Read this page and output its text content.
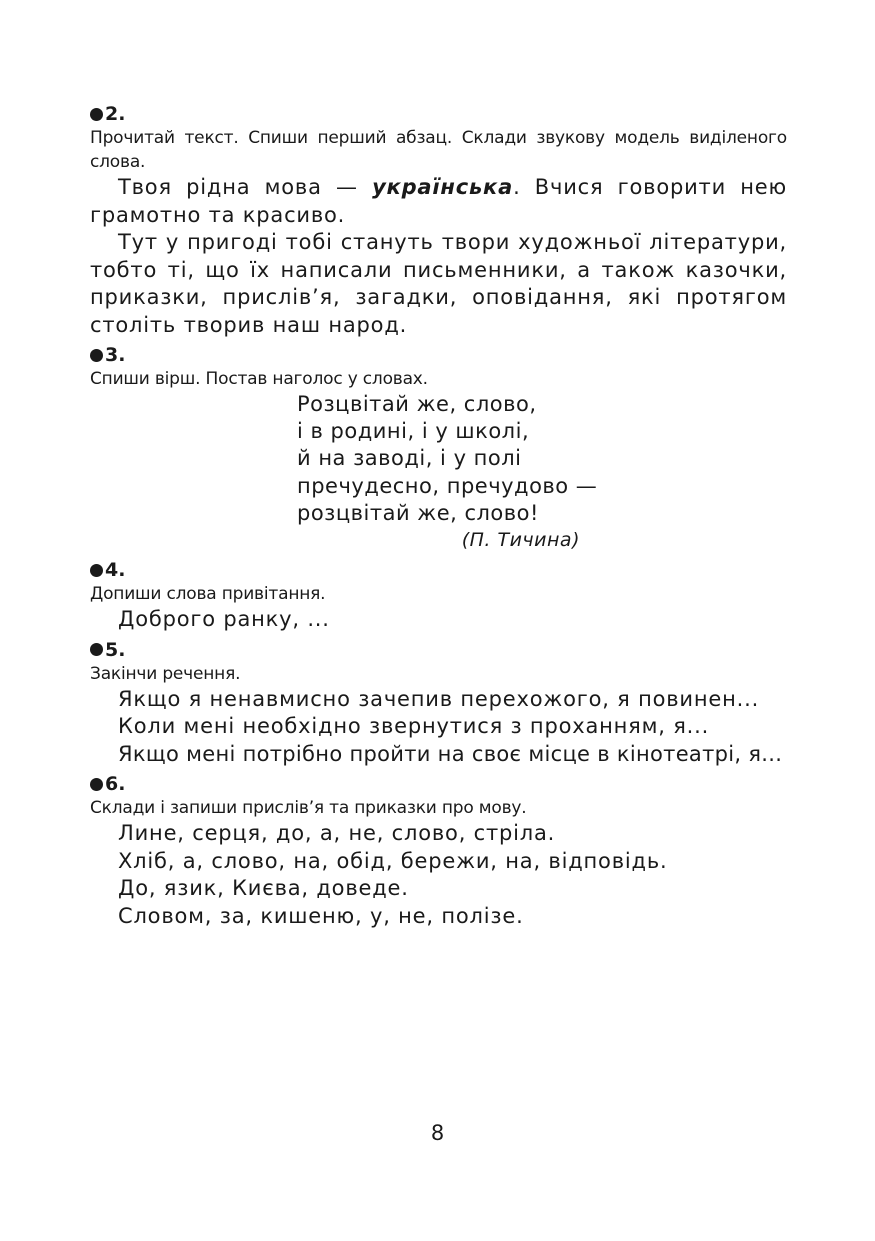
2.
Прочитай текст. Спиши перший абзац. Склади звукову модель виділеного слова.
Твоя рідна мова — українська. Вчися говорити нею грамотно та красиво.
Тут у пригоді тобі стануть твори художньої літератури, тобто ті, що їх написали письменники, а також казочки, приказки, прислів’я, загадки, оповідання, які протягом століть творив наш народ.
3.
Спиши вірш. Постав наголос у словах.
Розцвітай же, слово,
і в родині, і у школі,
й на заводі, і у полі
пречудесно, пречудово —
розцвітай же, слово!
(П. Тичина)
4.
Допиши слова привітання.
Доброго ранку, ...
5.
Закінчи речення.
Якщо я ненавмисно зачепив перехожого, я повинен...
Коли мені необхідно звернутися з проханням, я...
Якщо мені потрібно пройти на своє місце в кінотеатрі, я...
6.
Склади і запиши прислів’я та приказки про мову.
Лине, серця, до, а, не, слово, стріла.
Хліб, а, слово, на, обід, бережи, на, відповідь.
До, язик, Києва, доведе.
Словом, за, кишеню, у, не, полізе.
8
